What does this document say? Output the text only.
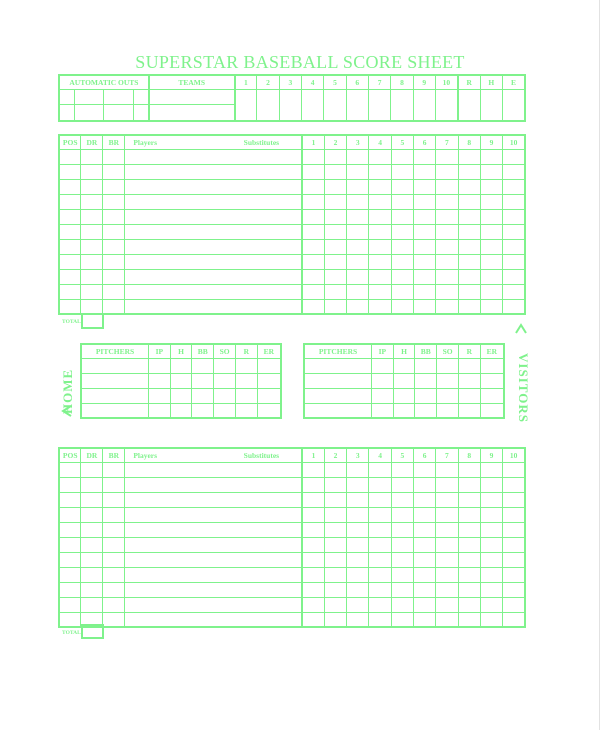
SUPERSTAR BASEBALL SCORE SHEET
AUTOMATIC OUTS	TEAMS	1	2	3	4	5	6	7	8	9	10	R	H	E

POS	DR	BR	Players Substitutes	1	2	3	4	5	6	7	8	9	10

TOTAL
PITCHERS	IP	H	BB	SO	R	ER

							PITCHERS	IP	H	BB	SO	R	ER

HOME	VISITORS
POS	DR	BR	Players Substitutes	1	2	3	4	5	6	7	8	9	10

TOTAL
